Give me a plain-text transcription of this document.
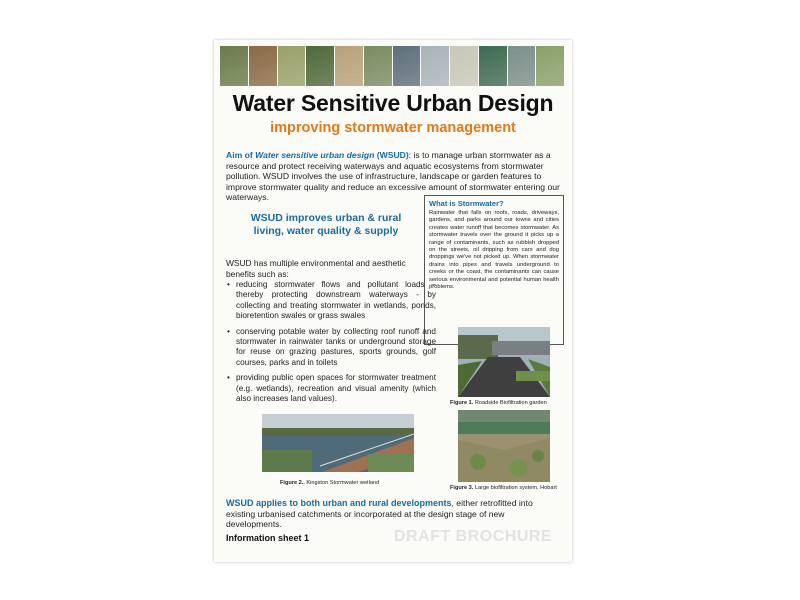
Water Sensitive Urban Design
improving stormwater management

Aim of Water sensitive urban design (WSUD): is to manage urban stormwater as a resource and protect receiving waterways and aquatic ecosystems from stormwater pollution. WSUD involves the use of infrastructure, landscape or garden features to improve stormwater quality and reduce an excessive amount of stormwater entering our waterways.

WSUD improves urban & rural living, water quality & supply
What is Stormwater?
Rainwater that falls on roofs, roads, driveways, gardens, and parks around our towns and cities creates water runoff that becomes stormwater. As stormwater travels over the ground it picks up a range of contaminants, such as rubbish dropped on the streets, oil dripping from cars and dog droppings we've not picked up. When stormwater drains into pipes and travels underground to creeks or the coast, the contaminants can cause serious environmental and potential human health problems.
WSUD has multiple environmental and aesthetic benefits such as:
• reducing stormwater flows and pollutant loads – thereby protecting downstream waterways - by collecting and treating stormwater in wetlands, ponds, bioretention swales or grass swales
• conserving potable water by collecting roof runoff and stormwater in rainwater tanks or underground storage for reuse on grazing pastures, sports grounds, golf courses, parks and in toilets
• providing public open spaces for stormwater treatment (e.g. wetlands), recreation and visual amenity (which also increases land values).	Figure 1. Roadside Biofiltration garden
Figure 2.. Kingston Stormwater wetland
Figure 3. Large biofiltration system, Hobart

WSUD applies to both urban and rural developments, either retrofitted into existing urbanised catchments or incorporated at the design stage of new developments.

Information sheet 1	DRAFT BROCHURE
